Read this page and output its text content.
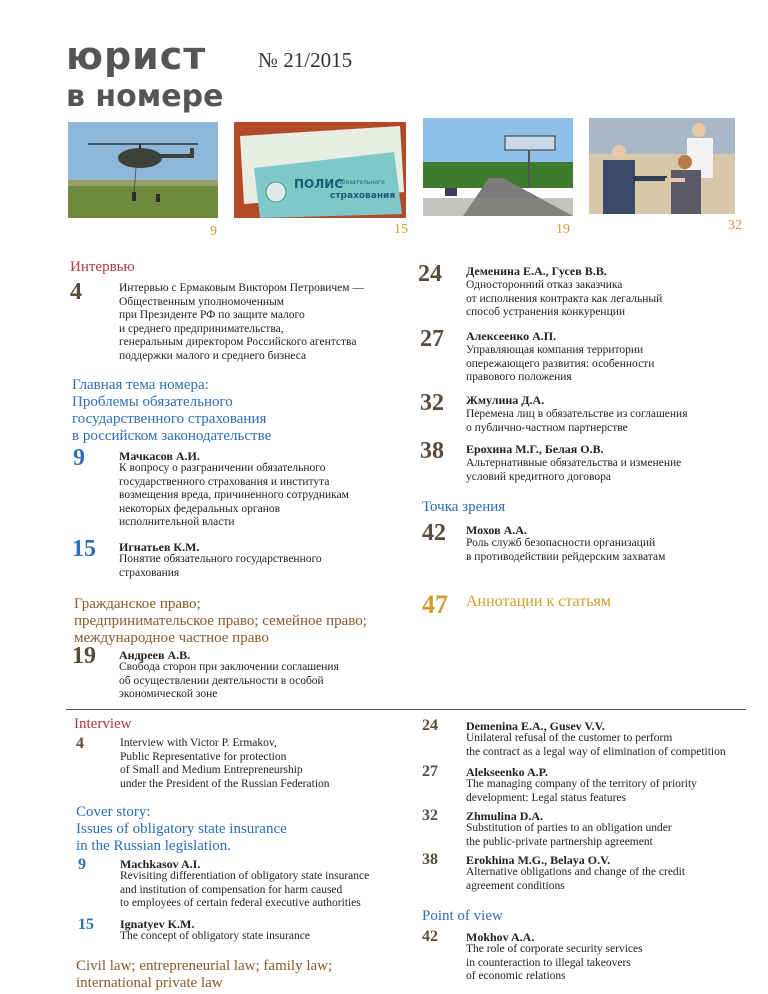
юрист № 21/2015
в номере
ПОЛИС
обязательного
страхования
9	15	19	32
Интервью
4	Интервью с Ермаковым Виктором Петровичем —
Общественным уполномоченным
при Президенте РФ по защите малого
и среднего предпринимательства,
генеральным директором Российского агентства
поддержки малого и среднего бизнеса
Главная тема номера:
Проблемы обязательного
государственного страхования
в российском законодательстве
9	Мачкасов А.И.
К вопросу о разграничении обязательного
государственного страхования и института
возмещения вреда, причиненного сотрудникам
некоторых федеральных органов
исполнительной власти
15 Игнатьев К.М.
Понятие обязательного государственного
страхования
Гражданское право;
предпринимательское право; семейное право;
международное частное право
19 Андреев А.В.
Свобода сторон при заключении соглашения
об осуществлении деятельности в особой
экономической зоне
24 Деменина Е.А., Гусев В.В.
Односторонний отказ заказчика
от исполнения контракта как легальный
способ устранения конкуренции
27 Алексеенко А.П.
Управляющая компания территории
опережающего развития: особенности
правового положения
32 Жмулина Д.А.
Перемена лиц в обязательстве из соглашения
о публично-частном партнерстве
38 Ерохина М.Г., Белая О.В.
Альтернативные обязательства и изменение
условий кредитного договора
Точка зрения
42 Мохов А.А.
Роль служб безопасности организаций
в противодействии рейдерским захватам
47 Аннотации к статьям
Interview
4	Interview with Victor P. Ermakov,
Public Representative for protection
of Small and Medium Entrepreneurship
under the President of the Russian Federation
Cover story:
Issues of obligatory state insurance
in the Russian legislation.
9	Machkasov A.I.
Revisiting differentiation of obligatory state insurance
and institution of compensation for harm caused
to employees of certain federal executive authorities
15 Ignatyev K.M.
The concept of obligatory state insurance
Civil law; entrepreneurial law; family law;
international private law
24 Demenina E.A., Gusev V.V.
Unilateral refusal of the customer to perform
the contract as a legal way of elimination of competition
27 Alekseenko A.P.
The managing company of the territory of priority
development: Legal status features
32 Zhmulina D.A.
Substitution of parties to an obligation under
the public-private partnership agreement
38 Erokhina M.G., Belaya O.V.
Alternative obligations and change of the credit
agreement conditions
Point of view
42 Mokhov A.A.
The role of corporate security services
in counteraction to illegal takeovers
of economic relations
